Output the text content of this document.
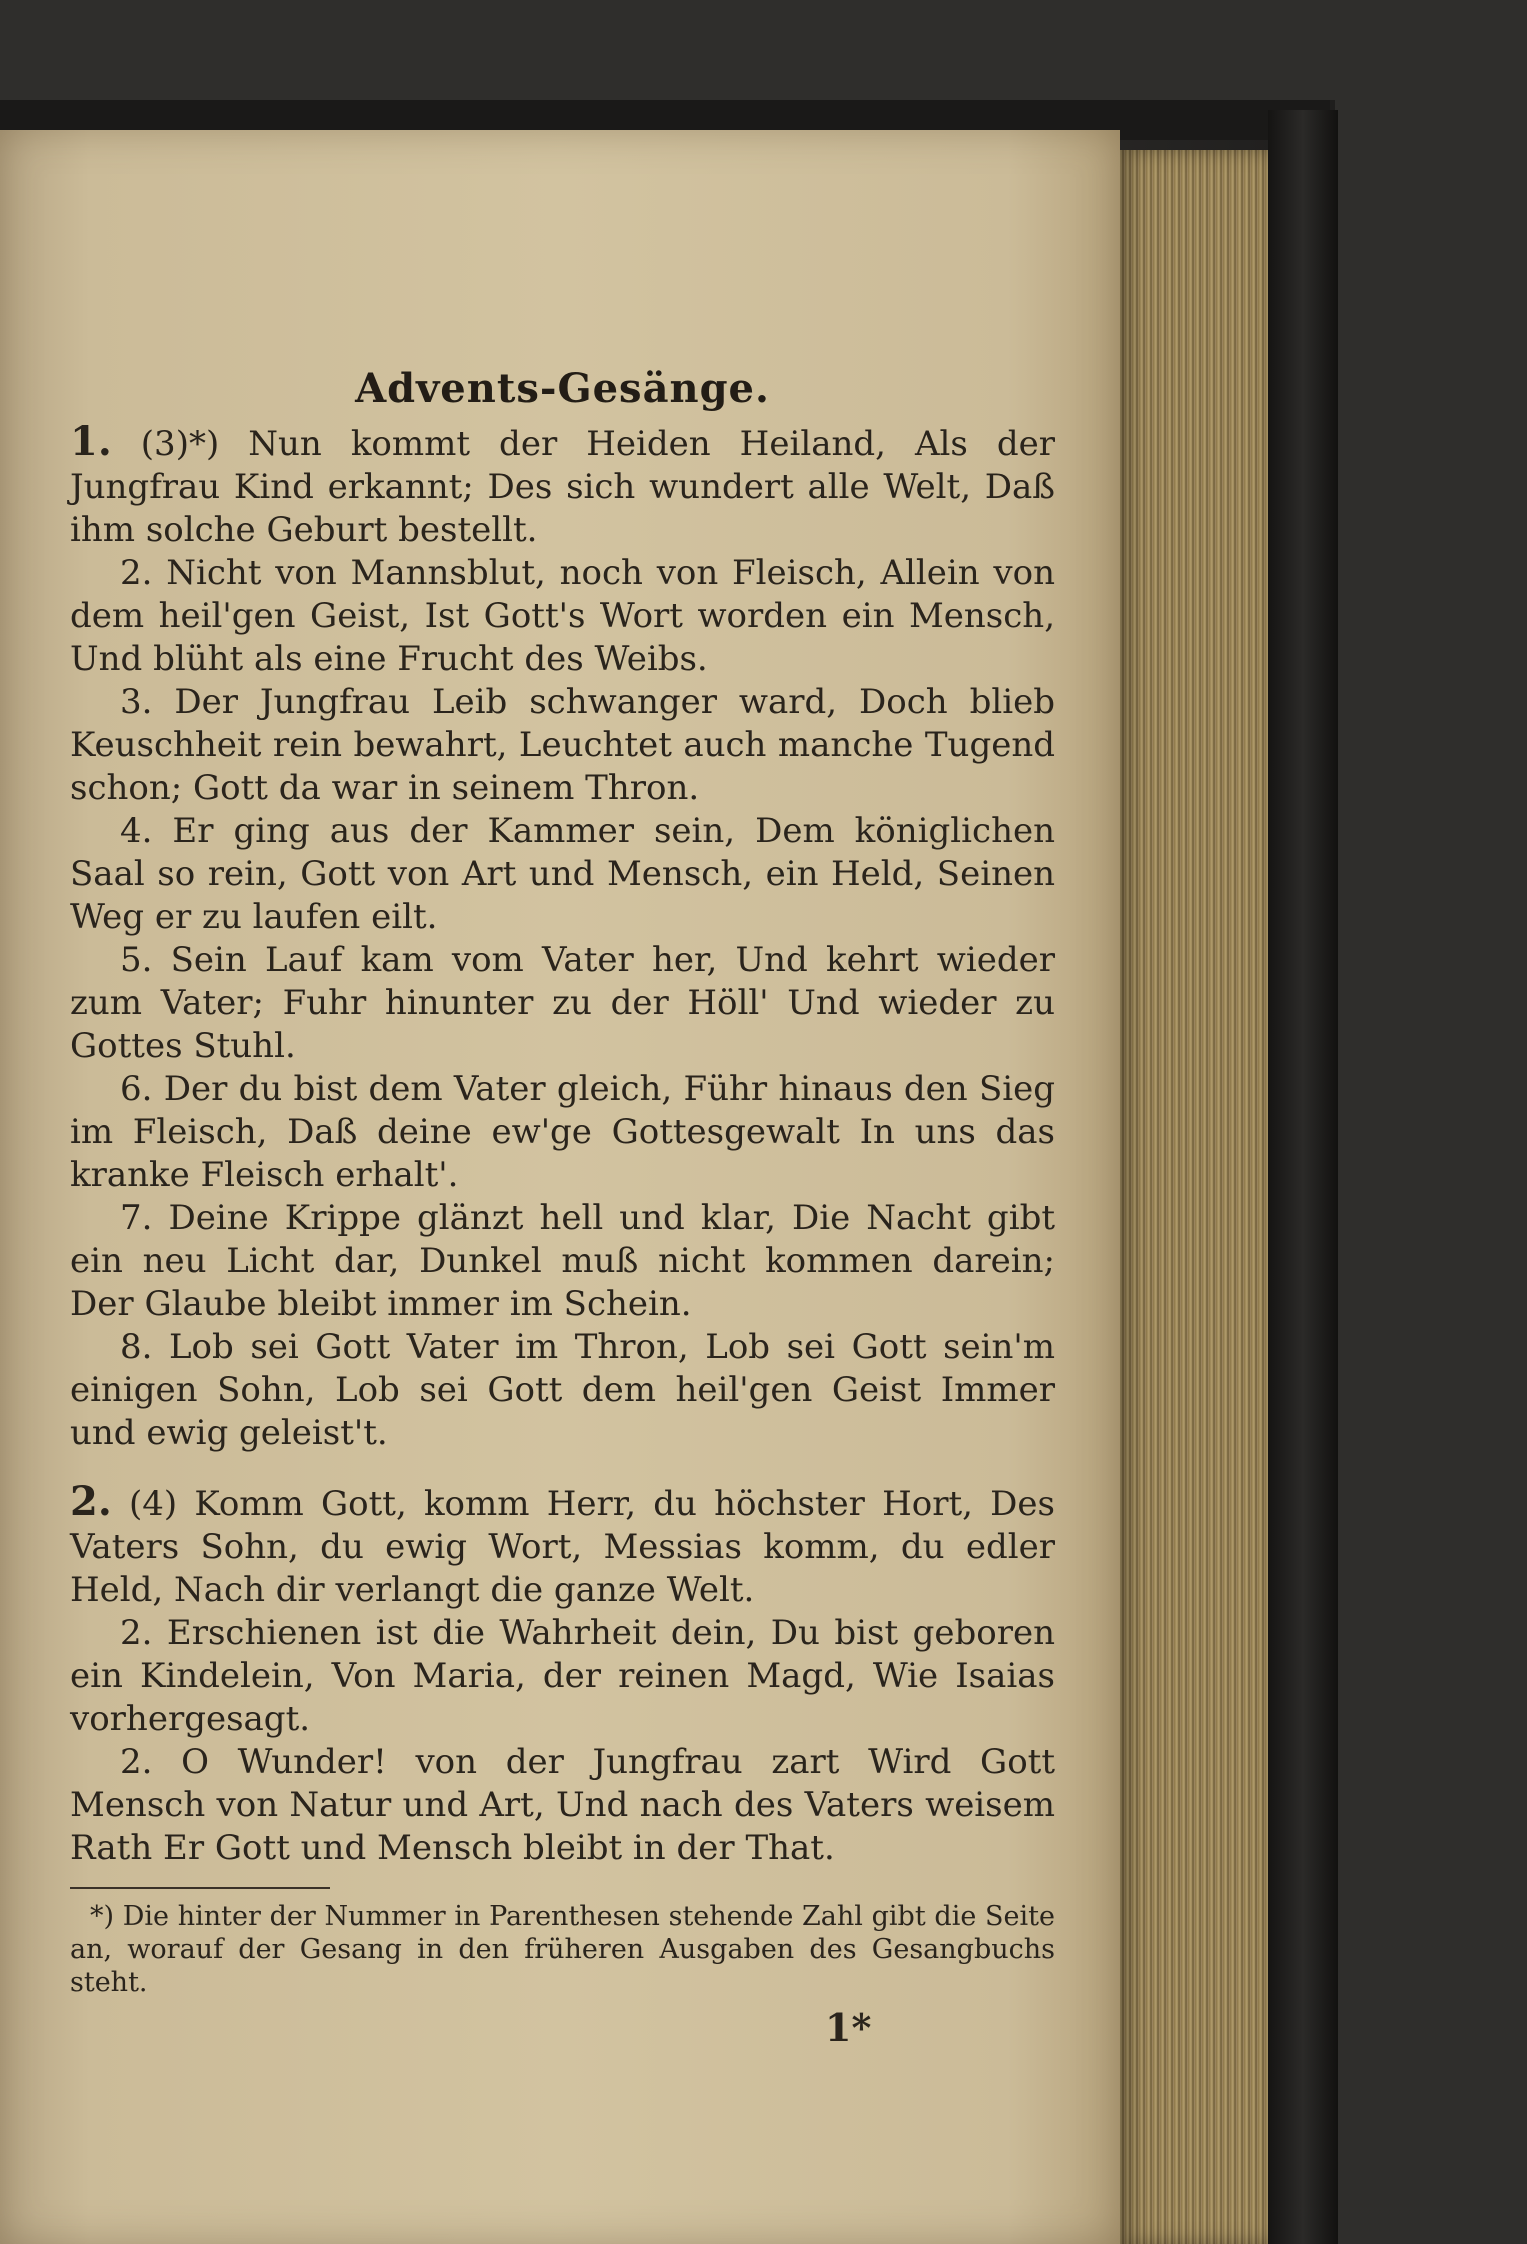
Advents-Gesänge.

1. (3)*) Nun kommt der Heiden Heiland, Als der Jungfrau Kind erkannt; Des sich wundert alle Welt, Daß ihm solche Geburt bestellt.

2. Nicht von Mannsblut, noch von Fleisch, Allein von dem heil'gen Geist, Ist Gott's Wort worden ein Mensch, Und blüht als eine Frucht des Weibs.

3. Der Jungfrau Leib schwanger ward, Doch blieb Keuschheit rein bewahrt, Leuchtet auch manche Tugend schon; Gott da war in seinem Thron.

4. Er ging aus der Kammer sein, Dem königlichen Saal so rein, Gott von Art und Mensch, ein Held, Seinen Weg er zu laufen eilt.

5. Sein Lauf kam vom Vater her, Und kehrt wieder zum Vater; Fuhr hinunter zu der Höll' Und wieder zu Gottes Stuhl.

6. Der du bist dem Vater gleich, Führ hinaus den Sieg im Fleisch, Daß deine ew'ge Gottesgewalt In uns das kranke Fleisch erhalt'.

7. Deine Krippe glänzt hell und klar, Die Nacht gibt ein neu Licht dar, Dunkel muß nicht kommen darein; Der Glaube bleibt immer im Schein.

8. Lob sei Gott Vater im Thron, Lob sei Gott sein'm einigen Sohn, Lob sei Gott dem heil'gen Geist Immer und ewig geleist't.

2. (4) Komm Gott, komm Herr, du höchster Hort, Des Vaters Sohn, du ewig Wort, Messias komm, du edler Held, Nach dir verlangt die ganze Welt.

2. Erschienen ist die Wahrheit dein, Du bist geboren ein Kindelein, Von Maria, der reinen Magd, Wie Isaias vorhergesagt.

2. O Wunder! von der Jungfrau zart Wird Gott Mensch von Natur und Art, Und nach des Vaters weisem Rath Er Gott und Mensch bleibt in der That.

*) Die hinter der Nummer in Parenthesen stehende Zahl gibt die Seite an, worauf der Gesang in den früheren Ausgaben des Gesangbuchs steht.
1*
